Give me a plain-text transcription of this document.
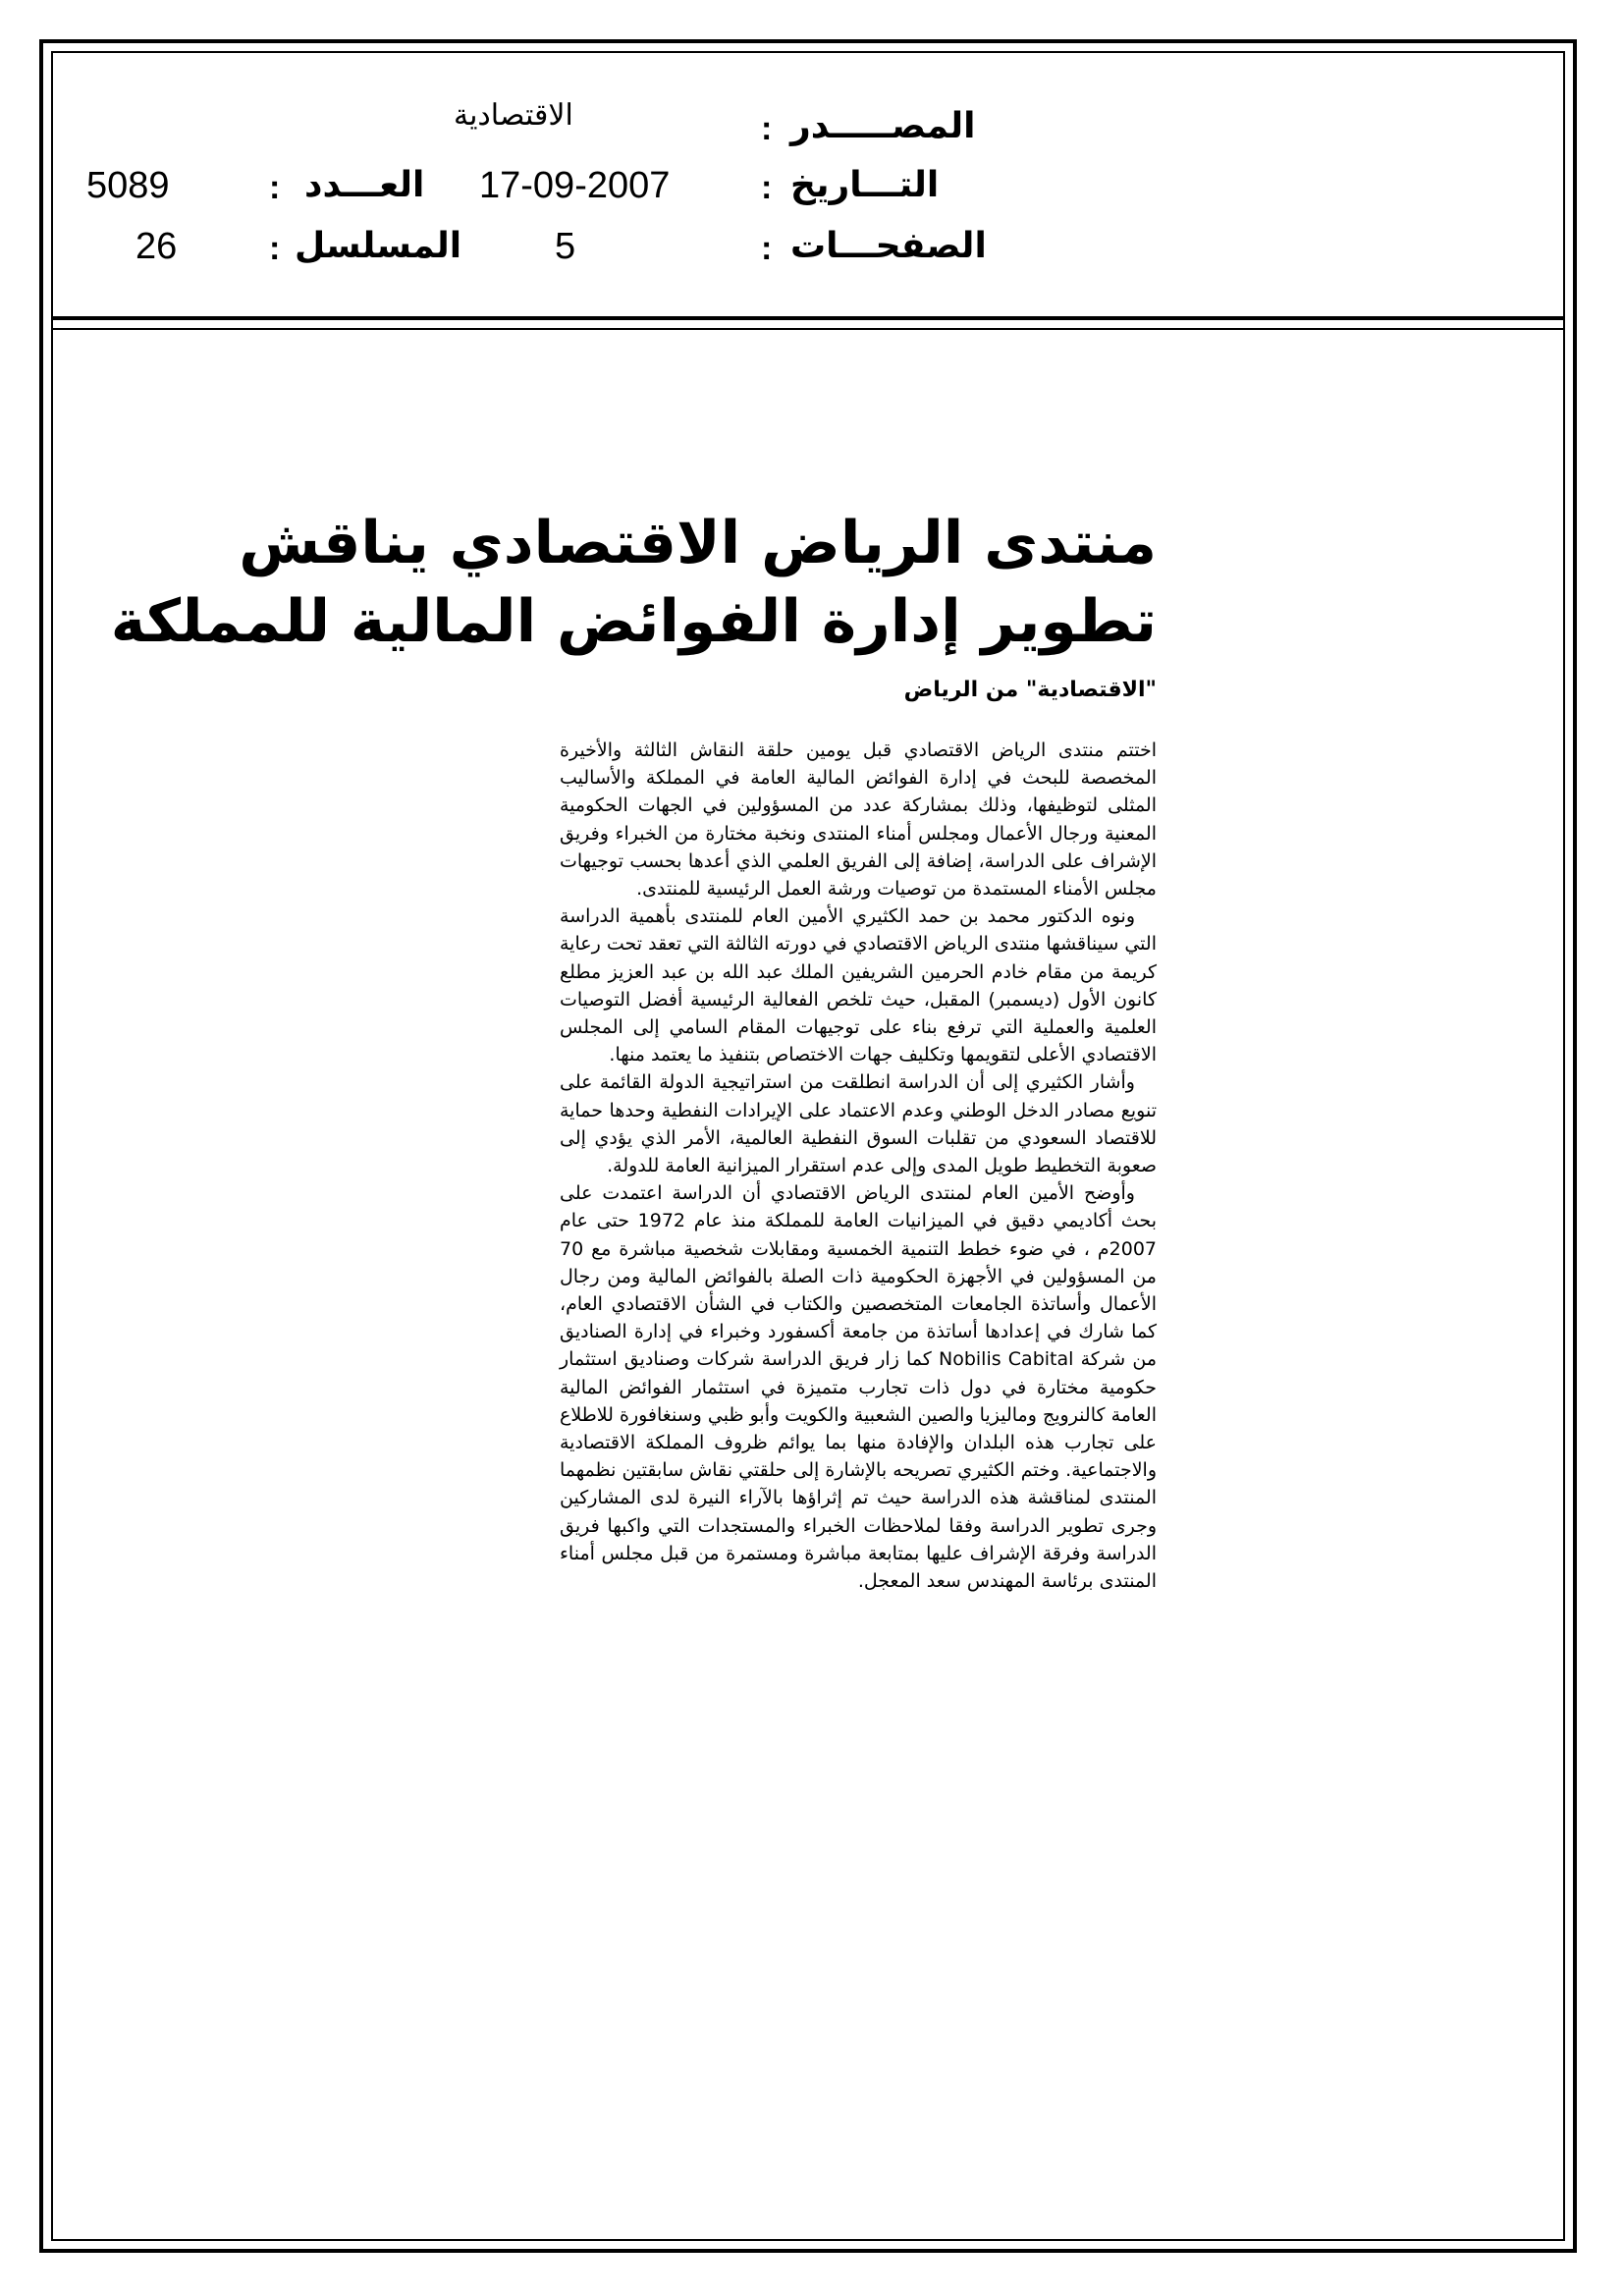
الاقتصادية	: المصـــــدر
17-09-2007	: التـــاريخ
5089	: العـــدد
5	: الصفحـــات
26	: المسلسل
منتدى الرياض الاقتصادي يناقش
تطوير إدارة الفوائض المالية للمملكة
"الاقتصادية" من الرياض

اختتم منتدى الرياض الاقتصادي قبل يومين حلقة النقاش الثالثة والأخيرة المخصصة للبحث في إدارة الفوائض المالية العامة في المملكة والأساليب المثلى لتوظيفها، وذلك بمشاركة عدد من المسؤولين في الجهات الحكومية المعنية ورجال الأعمال ومجلس أمناء المنتدى ونخبة مختارة من الخبراء وفريق الإشراف على الدراسة، إضافة إلى الفريق العلمي الذي أعدها بحسب توجيهات مجلس الأمناء المستمدة من توصيات ورشة العمل الرئيسية للمنتدى.

ونوه الدكتور محمد بن حمد الكثيري الأمين العام للمنتدى بأهمية الدراسة التي سيناقشها منتدى الرياض الاقتصادي في دورته الثالثة التي تعقد تحت رعاية كريمة من مقام خادم الحرمين الشريفين الملك عبد الله بن عبد العزيز مطلع كانون الأول (ديسمبر) المقبل، حيث تلخص الفعالية الرئيسية أفضل التوصيات العلمية والعملية التي ترفع بناء على توجيهات المقام السامي إلى المجلس الاقتصادي الأعلى لتقويمها وتكليف جهات الاختصاص بتنفيذ ما يعتمد منها.

وأشار الكثيري إلى أن الدراسة انطلقت من استراتيجية الدولة القائمة على تنويع مصادر الدخل الوطني وعدم الاعتماد على الإيرادات النفطية وحدها حماية للاقتصاد السعودي من تقلبات السوق النفطية العالمية، الأمر الذي يؤدي إلى صعوبة التخطيط طويل المدى وإلى عدم استقرار الميزانية العامة للدولة.

وأوضح الأمين العام لمنتدى الرياض الاقتصادي أن الدراسة اعتمدت على بحث أكاديمي دقيق في الميزانيات العامة للمملكة منذ عام 1972 حتى عام 2007م ، في ضوء خطط التنمية الخمسية ومقابلات شخصية مباشرة مع 70 من المسؤولين في الأجهزة الحكومية ذات الصلة بالفوائض المالية ومن رجال الأعمال وأساتذة الجامعات المتخصصين والكتاب في الشأن الاقتصادي العام، كما شارك في إعدادها أساتذة من جامعة أكسفورد وخبراء في إدارة الصناديق من شركة Nobilis Cabital كما زار فريق الدراسة شركات وصناديق استثمار حكومية مختارة في دول ذات تجارب متميزة في استثمار الفوائض المالية العامة كالنرويج وماليزيا والصين الشعبية والكويت وأبو ظبي وسنغافورة للاطلاع على تجارب هذه البلدان والإفادة منها بما يوائم ظروف المملكة الاقتصادية والاجتماعية. وختم الكثيري تصريحه بالإشارة إلى حلقتي نقاش سابقتين نظمهما المنتدى لمناقشة هذه الدراسة حيث تم إثراؤها بالآراء النيرة لدى المشاركين وجرى تطوير الدراسة وفقا لملاحظات الخبراء والمستجدات التي واكبها فريق الدراسة وفرقة الإشراف عليها بمتابعة مباشرة ومستمرة من قبل مجلس أمناء المنتدى برئاسة المهندس سعد المعجل.
